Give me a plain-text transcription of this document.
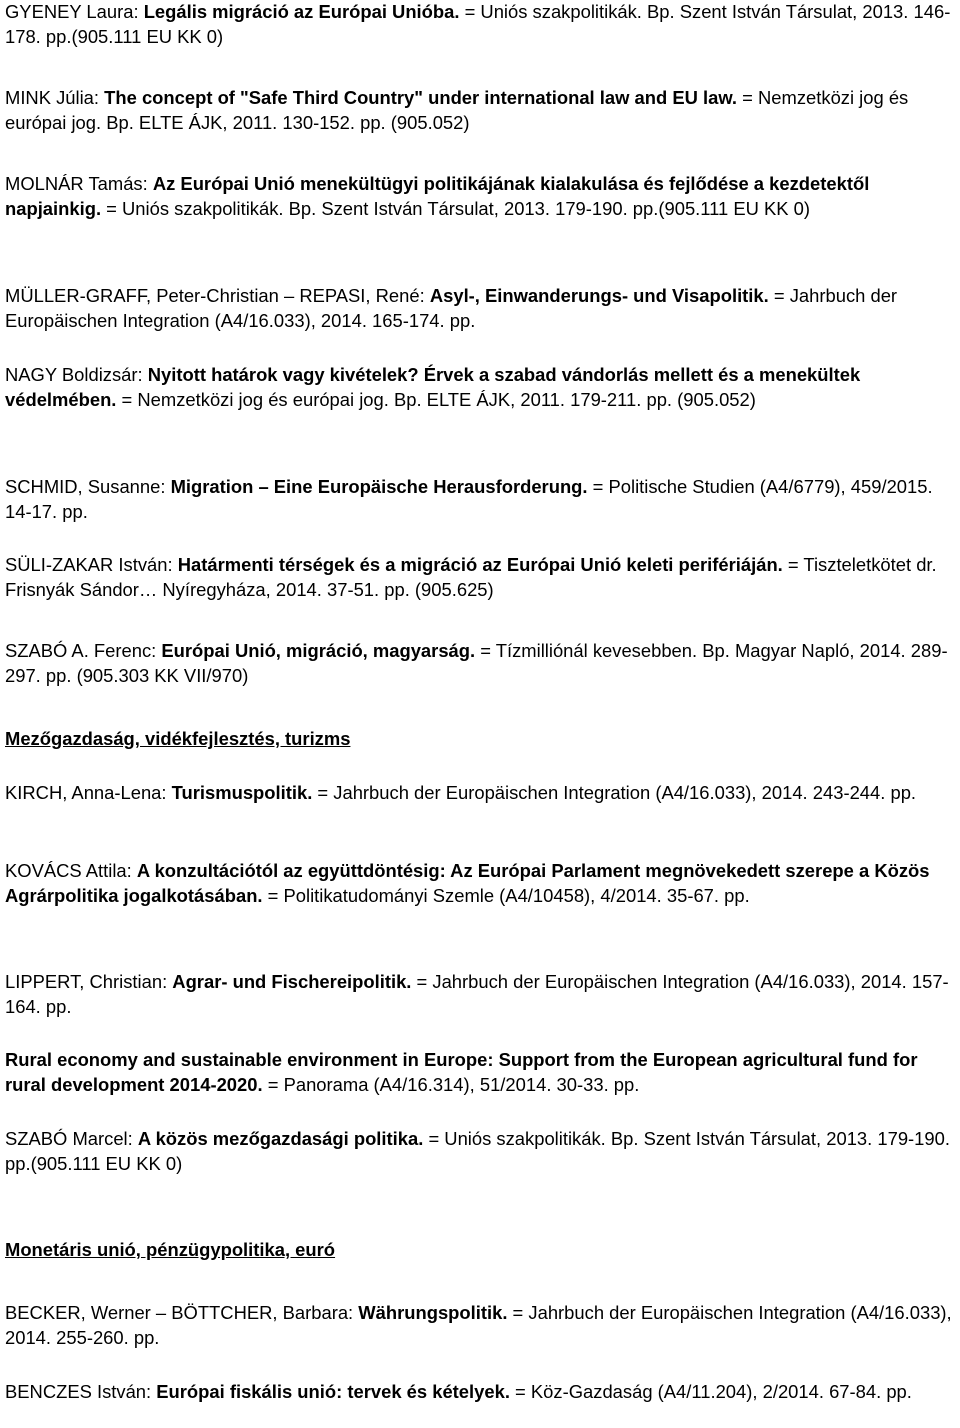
GYENEY Laura: Legális migráció az Európai Unióba. = Uniós szakpolitikák. Bp. Szent István Társulat, 2013. 146-178. pp.(905.111 EU KK 0)

MINK Júlia: The concept of "Safe Third Country" under international law and EU law. = Nemzetközi jog és európai jog. Bp. ELTE ÁJK, 2011. 130-152. pp. (905.052)

MOLNÁR Tamás: Az Európai Unió menekültügyi politikájának kialakulása és fejlődése a kezdetektől napjainkig. = Uniós szakpolitikák. Bp. Szent István Társulat, 2013. 179-190. pp.(905.111 EU KK 0)

MÜLLER-GRAFF, Peter-Christian – REPASI, René: Asyl-, Einwanderungs- und Visapolitik. = Jahrbuch der Europäischen Integration (A4/16.033), 2014. 165-174. pp.

NAGY Boldizsár: Nyitott határok vagy kivételek? Érvek a szabad vándorlás mellett és a menekültek védelmében. = Nemzetközi jog és európai jog. Bp. ELTE ÁJK, 2011. 179-211. pp. (905.052)

SCHMID, Susanne: Migration – Eine Europäische Herausforderung. = Politische Studien (A4/6779), 459/2015. 14-17. pp.

SÜLI-ZAKAR István: Határmenti térségek és a migráció az Európai Unió keleti perifériáján. = Tiszteletkötet dr. Frisnyák Sándor… Nyíregyháza, 2014. 37-51. pp. (905.625)

SZABÓ A. Ferenc: Európai Unió, migráció, magyarság. = Tízmilliónál kevesebben. Bp. Magyar Napló, 2014. 289-297. pp. (905.303 KK VII/970)

Mezőgazdaság, vidékfejlesztés, turizms

KIRCH, Anna-Lena: Turismuspolitik. = Jahrbuch der Europäischen Integration (A4/16.033), 2014. 243-244. pp.

KOVÁCS Attila: A konzultációtól az együttdöntésig: Az Európai Parlament megnövekedett szerepe a Közös Agrárpolitika jogalkotásában. = Politikatudományi Szemle (A4/10458), 4/2014. 35-67. pp.

LIPPERT, Christian: Agrar- und Fischereipolitik. = Jahrbuch der Europäischen Integration (A4/16.033), 2014. 157-164. pp.

Rural economy and sustainable environment in Europe: Support from the European agricultural fund for rural development 2014-2020. = Panorama (A4/16.314), 51/2014. 30-33. pp.

SZABÓ Marcel: A közös mezőgazdasági politika. = Uniós szakpolitikák. Bp. Szent István Társulat, 2013. 179-190. pp.(905.111 EU KK 0)

Monetáris unió, pénzügypolitika, euró

BECKER, Werner – BÖTTCHER, Barbara: Währungspolitik. = Jahrbuch der Europäischen Integration (A4/16.033), 2014. 255-260. pp.

BENCZES István: Európai fiskális unió: tervek és kételyek. = Köz-Gazdaság (A4/11.204), 2/2014. 67-84. pp.
